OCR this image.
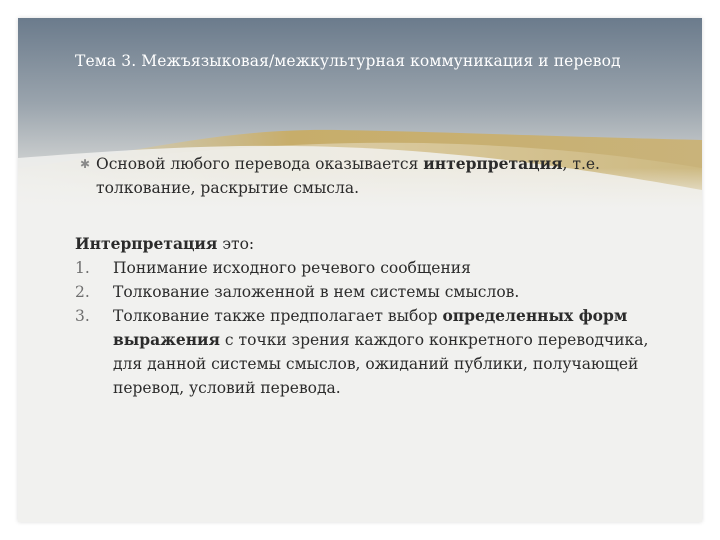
Тема 3. Межъязыковая/межкультурная коммуникация и перевод
✱ Основой любого перевода оказывается интерпретация, т.е. толкование, раскрытие смысла.
Интерпретация это:
1.	Понимание исходного речевого сообщения
2.	Толкование заложенной в нем системы смыслов.
3.	Толкование также предполагает выбор определенных форм выражения с точки зрения каждого конкретного переводчика, для данной системы смыслов, ожиданий публики, получающей перевод, условий перевода.
